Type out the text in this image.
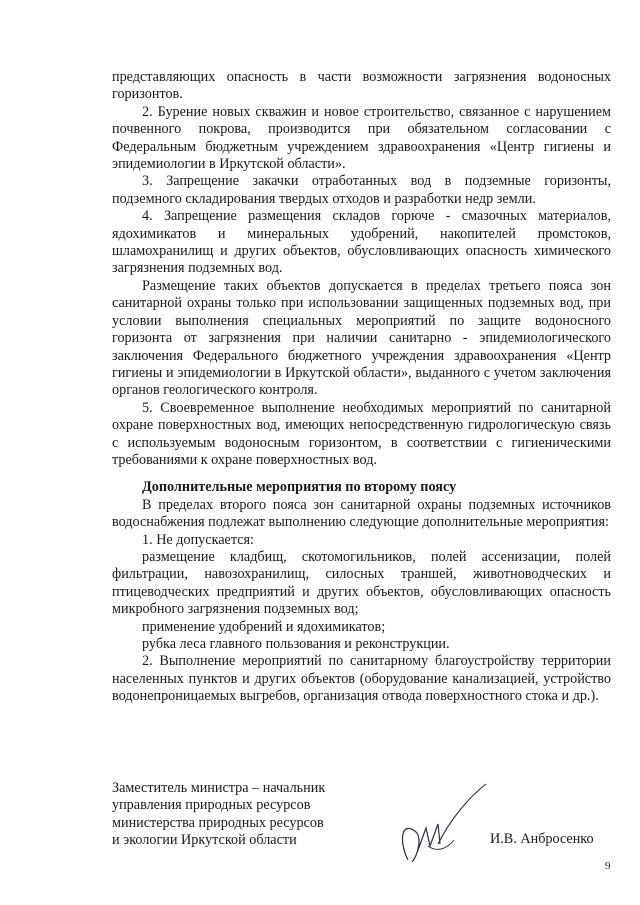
представляющих опасность в части возможности загрязнения водоносных горизонтов.

2. Бурение новых скважин и новое строительство, связанное с нарушением почвенного покрова, производится при обязательном согласовании с Федеральным бюджетным учреждением здравоохранения «Центр гигиены и эпидемиологии в Иркутской области».

3. Запрещение закачки отработанных вод в подземные горизонты, подземного складирования твердых отходов и разработки недр земли.

4. Запрещение размещения складов горюче - смазочных материалов, ядохимикатов и минеральных удобрений, накопителей промстоков, шламохранилищ и других объектов, обусловливающих опасность химического загрязнения подземных вод.

Размещение таких объектов допускается в пределах третьего пояса зон санитарной охраны только при использовании защищенных подземных вод, при условии выполнения специальных мероприятий по защите водоносного горизонта от загрязнения при наличии санитарно - эпидемиологического заключения Федерального бюджетного учреждения здравоохранения «Центр гигиены и эпидемиологии в Иркутской области», выданного с учетом заключения органов геологического контроля.

5. Своевременное выполнение необходимых мероприятий по санитарной охране поверхностных вод, имеющих непосредственную гидрологическую связь с используемым водоносным горизонтом, в соответствии с гигиеническими требованиями к охране поверхностных вод.

Дополнительные мероприятия по второму поясу

В пределах второго пояса зон санитарной охраны подземных источников водоснабжения подлежат выполнению следующие дополнительные мероприятия:

1. Не допускается:

размещение кладбищ, скотомогильников, полей ассенизации, полей фильтрации, навозохранилищ, силосных траншей, животноводческих и птицеводческих предприятий и других объектов, обусловливающих опасность микробного загрязнения подземных вод;

применение удобрений и ядохимикатов;

рубка леса главного пользования и реконструкции.

2. Выполнение мероприятий по санитарному благоустройству территории населенных пунктов и других объектов (оборудование канализацией, устройство водонепроницаемых выгребов, организация отвода поверхностного стока и др.).

Заместитель министра – начальник
управления природных ресурсов
министерства природных ресурсов
и экологии Иркутской области	И.В. Анбросенко
9
